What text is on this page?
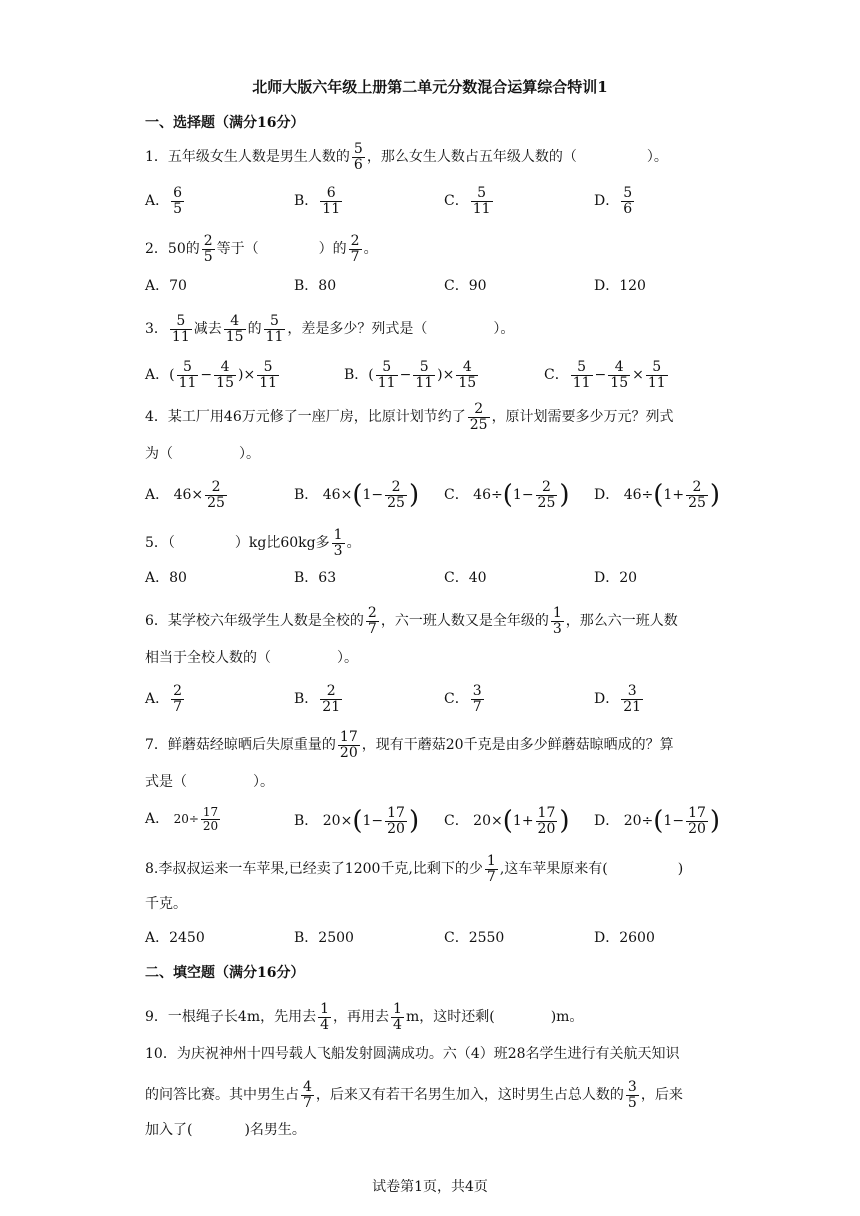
北师大版六年级上册第二单元分数混合运算综合特训1
一、选择题（满分16分）
1．五年级女生人数是男生人数的 $\frac{5}{6}$ ，那么女生人数占五年级人数的（	）。
A． $\frac{6}{5}$	B． $\frac{6}{11}$	C． $\frac{5}{11}$	D． $\frac{5}{6}$
2．50的 $\frac{2}{5}$ 等于（	）的 $\frac{2}{7}$ 。
A．70	B．80	C．90	D．120
3． $\frac{5}{11}$ 减去 $\frac{4}{15}$ 的 $\frac{5}{11}$ ，差是多少？列式是（	）。
A．( $\frac{5}{11} - \frac{4}{15}$ )× $\frac{5}{11}$	B．( $\frac{5}{11} - \frac{5}{11}$ )× $\frac{4}{15}$	C． $\frac{5}{11} - \frac{4}{15} \times \frac{5}{11}$
4．某工厂用46万元修了一座厂房，比原计划节约了 $\frac{2}{25}$ ，原计划需要多少万元？列式
为（	）。
A． $46\times \frac{2}{25}$	B． $46\times(1- \frac{2}{25}$ ) C． $46\div(1- \frac{2}{25}$ ) D． $46\div(1+ \frac{2}{25}$ )
5．（	）kg比60kg多 $\frac{1}{3}$ 。
A．80	B．63	C．40	D．20
6．某学校六年级学生人数是全校的 $\frac{2}{7}$ ，六一班人数又是全年级的 $\frac{1}{3}$ ，那么六一班人数
相当于全校人数的（	）。
A． $\frac{2}{7}$	B． $\frac{2}{21}$	C． $\frac{3}{7}$	D． $\frac{3}{21}$
7．鲜蘑菇经晾晒后失原重量的 $\frac{17}{20}$ ，现有干蘑菇20千克是由多少鲜蘑菇晾晒成的？算
式是（	）。
A． $20\div \frac{17}{20}$	B． $20\times(1- \frac{17}{20}$ ) C． $20\times(1+ \frac{17}{20}$ ) D． $20\div(1- \frac{17}{20}$ )
8.李叔叔运来一车苹果,已经卖了1200千克,比剩下的少 $\frac{1}{7}$ ,这车苹果原来有(	)
千克。
A．2450	B．2500	C．2550	D．2600
二、填空题（满分16分）
9．一根绳子长4m，先用去 $\frac{1}{4}$ ，再用去 $\frac{1}{4}$ m，这时还剩(	)m。
10．为庆祝神州十四号载人飞船发射圆满成功。六（4）班28名学生进行有关航天知识
的问答比赛。其中男生占 $\frac{4}{7}$ ，后来又有若干名男生加入，这时男生占总人数的 $\frac{3}{5}$ ，后来
加入了(	)名男生。
试卷第1页，共4页
